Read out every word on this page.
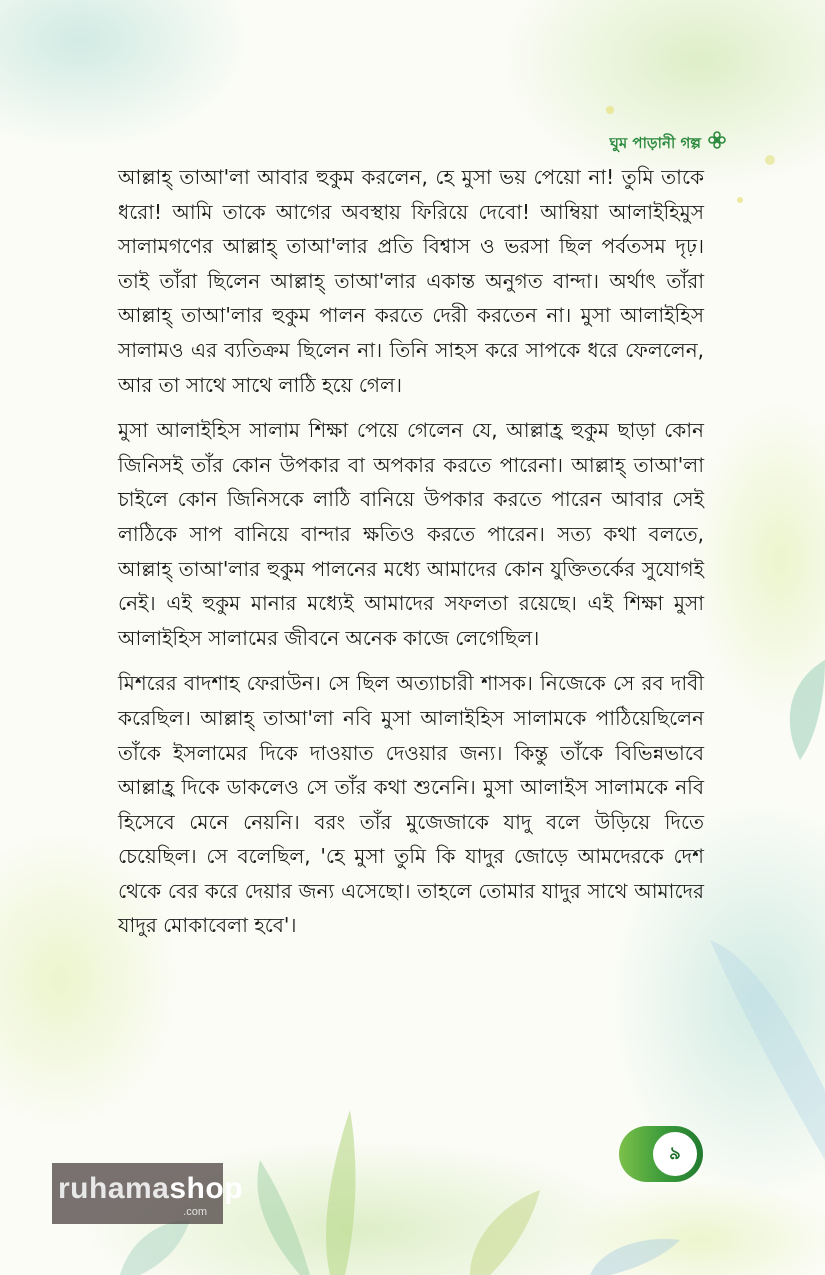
ঘুম পাড়ানী গল্প

আল্লাহ্ তাআ'লা আবার হুকুম করলেন, হে মুসা ভয় পেয়ো না! তুমি তাকে ধরো! আমি তাকে আগের অবস্থায় ফিরিয়ে দেবো! আম্বিয়া আলাইহিমুস সালামগণের আল্লাহ্ তাআ'লার প্রতি বিশ্বাস ও ভরসা ছিল পর্বতসম দৃঢ়। তাই তাঁরা ছিলেন আল্লাহ্ তাআ'লার একান্ত অনুগত বান্দা। অর্থাৎ তাঁরা আল্লাহ্ তাআ'লার হুকুম পালন করতে দেরী করতেন না। মুসা আলাইহিস সালামও এর ব্যতিক্রম ছিলেন না। তিনি সাহস করে সাপকে ধরে ফেললেন, আর তা সাথে সাথে লাঠি হয়ে গেল।

মুসা আলাইহিস সালাম শিক্ষা পেয়ে গেলেন যে, আল্লাহ্র হুকুম ছাড়া কোন জিনিসই তাঁর কোন উপকার বা অপকার করতে পারেনা। আল্লাহ্ তাআ'লা চাইলে কোন জিনিসকে লাঠি বানিয়ে উপকার করতে পারেন আবার সেই লাঠিকে সাপ বানিয়ে বান্দার ক্ষতিও করতে পারেন। সত্য কথা বলতে, আল্লাহ্ তাআ'লার হুকুম পালনের মধ্যে আমাদের কোন যুক্তিতর্কের সুযোগই নেই। এই হুকুম মানার মধ্যেই আমাদের সফলতা রয়েছে। এই শিক্ষা মুসা আলাইহিস সালামের জীবনে অনেক কাজে লেগেছিল।

মিশরের বাদশাহ ফেরাউন। সে ছিল অত্যাচারী শাসক। নিজেকে সে রব দাবী করেছিল। আল্লাহ্ তাআ'লা নবি মুসা আলাইহিস সালামকে পাঠিয়েছিলেন তাঁকে ইসলামের দিকে দাওয়াত দেওয়ার জন্য। কিন্তু তাঁকে বিভিন্নভাবে আল্লাহ্র দিকে ডাকলেও সে তাঁর কথা শুনেনি। মুসা আলাইস সালামকে নবি হিসেবে মেনে নেয়নি। বরং তাঁর মুজেজাকে যাদু বলে উড়িয়ে দিতে চেয়েছিল। সে বলেছিল, 'হে মুসা তুমি কি যাদুর জোড়ে আমদেরকে দেশ থেকে বের করে দেয়ার জন্য এসেছো। তাহলে তোমার যাদুর সাথে আমাদের যাদুর মোকাবেলা হবে'।

৯
ruhamashop
.com
